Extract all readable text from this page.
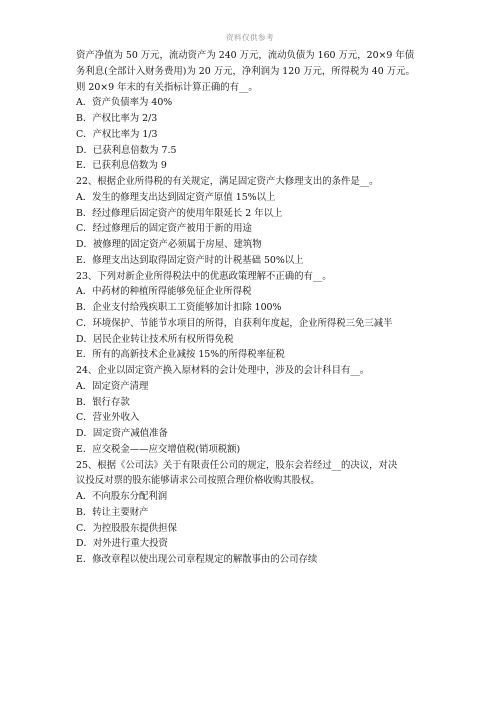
资料仅供参考
资产净值为 50 万元，流动资产为 240 万元，流动负债为 160 万元，20×9 年债
务利息(全部计入财务费用)为 20 万元，净利润为 120 万元，所得税为 40 万元。
则 20×9 年末的有关指标计算正确的有__。
A．资产负债率为 40%
B．产权比率为 2/3
C．产权比率为 1/3
D．已获利息倍数为 7.5
E．已获利息倍数为 9
22、根据企业所得税的有关规定，满足固定资产大修理支出的条件是__。
A．发生的修理支出达到固定资产原值 15%以上
B．经过修理后固定资产的使用年限延长 2 年以上
C．经过修理后的固定资产被用于新的用途
D．被修理的固定资产必须属于房屋、建筑物
E．修理支出达到取得固定资产时的计税基础 50%以上
23、下列对新企业所得税法中的优惠政策理解不正确的有__。
A．中药材的种植所得能够免征企业所得税
B．企业支付给残疾职工工资能够加计扣除 100%
C．环境保护、节能节水项目的所得，自获利年度起，企业所得税三免三减半
D．居民企业转让技术所有权所得免税
E．所有的高新技术企业减按 15%的所得税率征税
24、企业以固定资产换入原材料的会计处理中，涉及的会计科目有__。
A．固定资产清理
B．银行存款
C．营业外收入
D．固定资产减值准备
E．应交税金——应交增值税(销项税额)
25、根据《公司法》关于有限责任公司的规定，股东会若经过__的决议，对决
议投反对票的股东能够请求公司按照合理价格收购其股权。
A．不向股东分配利润
B．转让主要财产
C．为控股股东提供担保
D．对外进行重大投资
E．修改章程以使出现公司章程规定的解散事由的公司存续
